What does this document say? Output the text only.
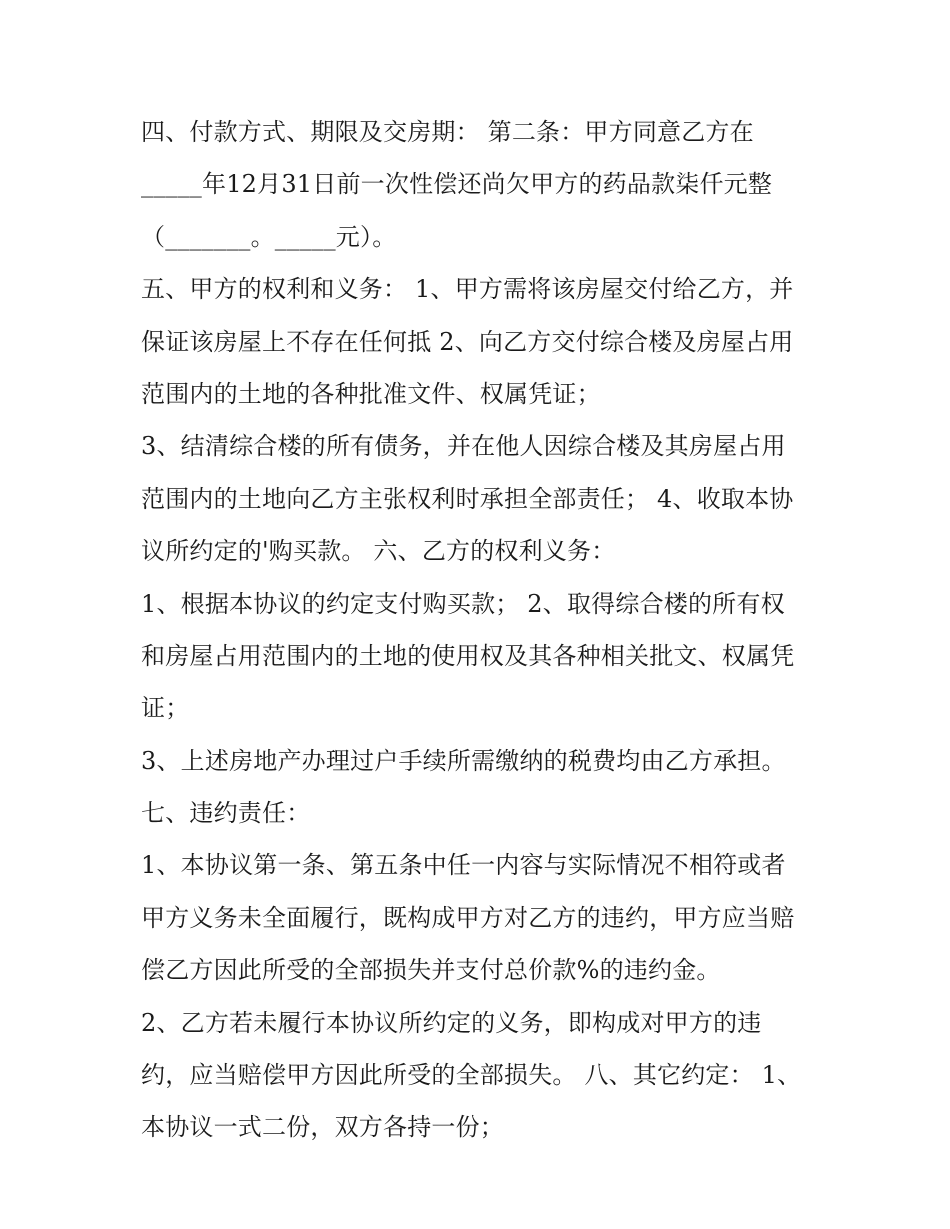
四、付款方式、期限及交房期： 第二条：甲方同意乙方在
_____年12月31日前一次性偿还尚欠甲方的药品款柒仟元整
（_______。_____元）。
五、甲方的权利和义务： 1、甲方需将该房屋交付给乙方，并
保证该房屋上不存在任何抵 2、向乙方交付综合楼及房屋占用
范围内的土地的各种批准文件、权属凭证；
3、结清综合楼的所有债务，并在他人因综合楼及其房屋占用
范围内的土地向乙方主张权利时承担全部责任； 4、收取本协
议所约定的'购买款。 六、乙方的权利义务：
1、根据本协议的约定支付购买款； 2、取得综合楼的所有权
和房屋占用范围内的土地的使用权及其各种相关批文、权属凭
证；
3、上述房地产办理过户手续所需缴纳的税费均由乙方承担。
七、违约责任：
1、本协议第一条、第五条中任一内容与实际情况不相符或者
甲方义务未全面履行，既构成甲方对乙方的违约，甲方应当赔
偿乙方因此所受的全部损失并支付总价款%的违约金。
2、乙方若未履行本协议所约定的义务，即构成对甲方的违
约，应当赔偿甲方因此所受的全部损失。 八、其它约定： 1、
本协议一式二份，双方各持一份；
